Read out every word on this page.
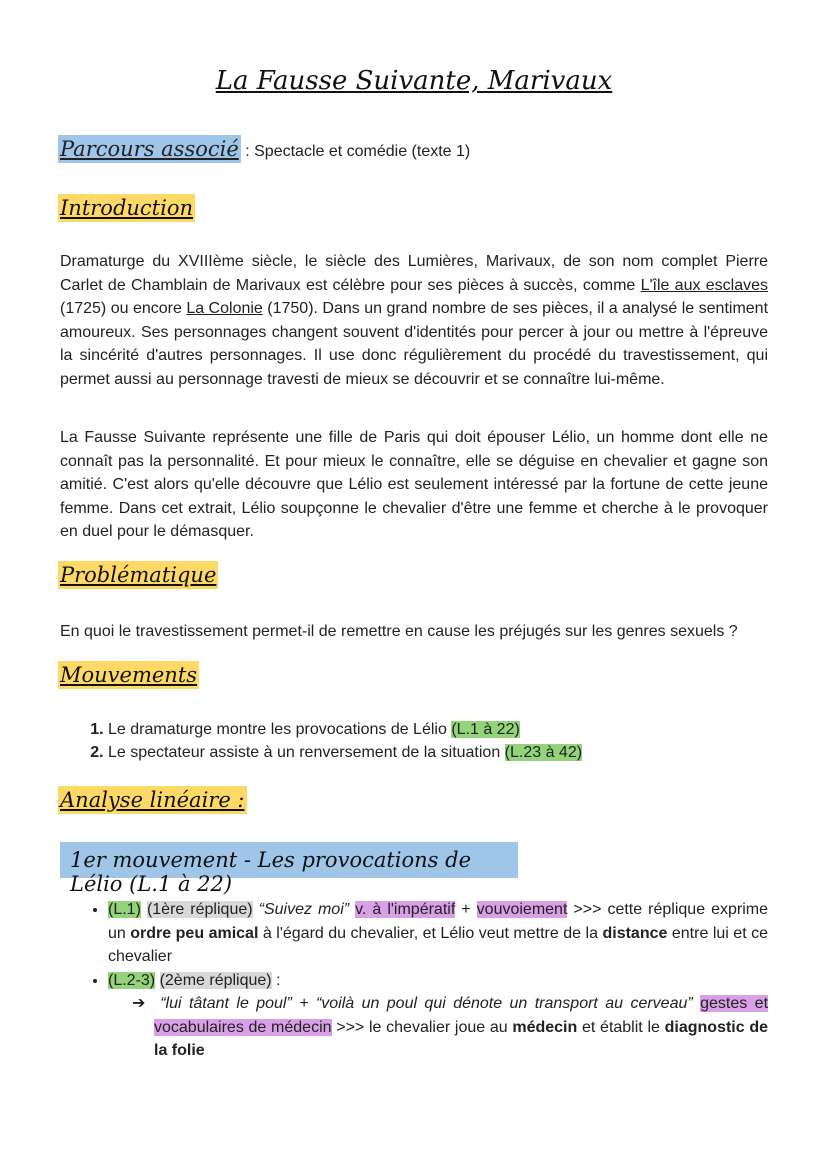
La Fausse Suivante, Marivaux
Parcours associé : Spectacle et comédie (texte 1)
Introduction
Dramaturge du XVIIIème siècle, le siècle des Lumières, Marivaux, de son nom complet Pierre Carlet de Chamblain de Marivaux est célèbre pour ses pièces à succès, comme L'île aux esclaves (1725) ou encore La Colonie (1750). Dans un grand nombre de ses pièces, il a analysé le sentiment amoureux. Ses personnages changent souvent d'identités pour percer à jour ou mettre à l'épreuve la sincérité d'autres personnages. Il use donc régulièrement du procédé du travestissement, qui permet aussi au personnage travesti de mieux se découvrir et se connaître lui-même.
La Fausse Suivante représente une fille de Paris qui doit épouser Lélio, un homme dont elle ne connaît pas la personnalité. Et pour mieux le connaître, elle se déguise en chevalier et gagne son amitié. C'est alors qu'elle découvre que Lélio est seulement intéressé par la fortune de cette jeune femme. Dans cet extrait, Lélio soupçonne le chevalier d'être une femme et cherche à le provoquer en duel pour le démasquer.
Problématique
En quoi le travestissement permet-il de remettre en cause les préjugés sur les genres sexuels ?
Mouvements
1. Le dramaturge montre les provocations de Lélio (L.1 à 22)
2. Le spectateur assiste à un renversement de la situation (L.23 à 42)
Analyse linéaire :
1er mouvement - Les provocations de Lélio (L.1 à 22)
• (L.1) (1ère réplique) “Suivez moi” v. à l'impératif + vouvoiement >>> cette réplique exprime un ordre peu amical à l'égard du chevalier, et Lélio veut mettre de la distance entre lui et ce chevalier
• (L.2-3) (2ème réplique) :
➔ “lui tâtant le poul” + “voilà un poul qui dénote un transport au cerveau” gestes et vocabulaires de médecin >>> le chevalier joue au médecin et établit le diagnostic de la folie
